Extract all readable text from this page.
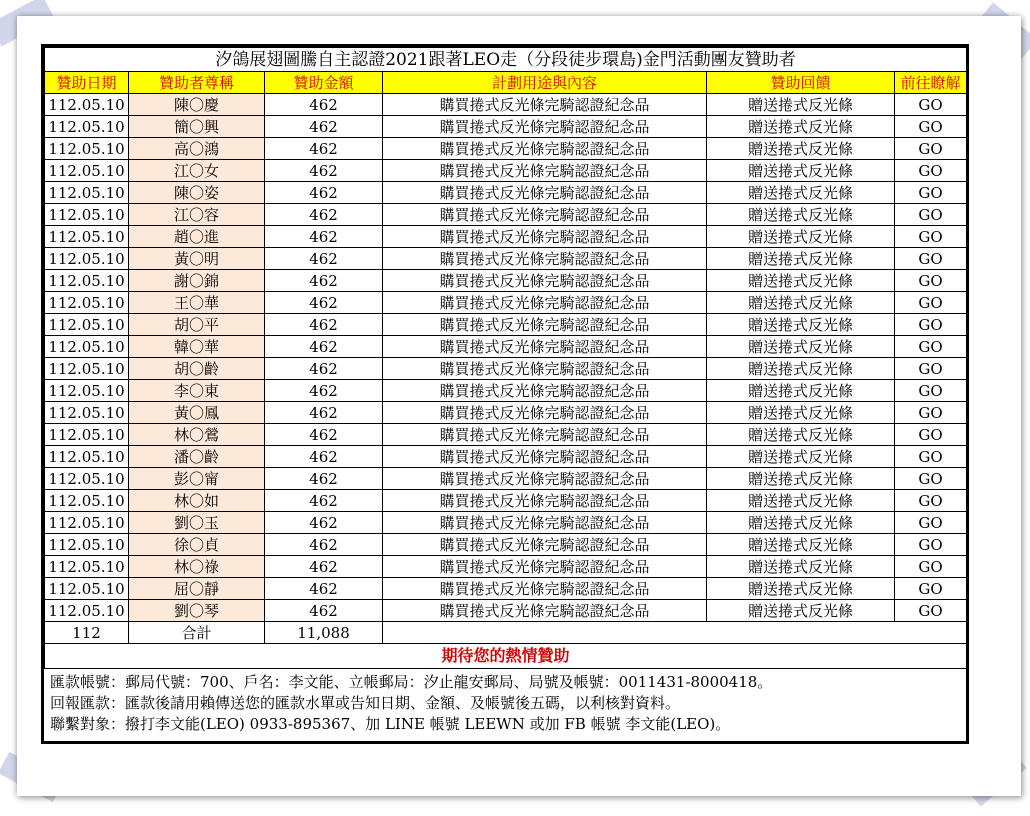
汐鴿展翅圖騰自主認證2021跟著LEO走（分段徒步環島)金門活動團友贊助者					
贊助日期	贊助者尊稱	贊助金額	計劃用途與內容	贊助回饋	前往瞭解
112.05.10	陳〇慶	462	購買捲式反光條完騎認證紀念品	贈送捲式反光條	GO
112.05.10	簡〇興	462	購買捲式反光條完騎認證紀念品	贈送捲式反光條	GO
112.05.10	高〇鴻	462	購買捲式反光條完騎認證紀念品	贈送捲式反光條	GO
112.05.10	江〇女	462	購買捲式反光條完騎認證紀念品	贈送捲式反光條	GO
112.05.10	陳〇姿	462	購買捲式反光條完騎認證紀念品	贈送捲式反光條	GO
112.05.10	江〇容	462	購買捲式反光條完騎認證紀念品	贈送捲式反光條	GO
112.05.10	趙〇進	462	購買捲式反光條完騎認證紀念品	贈送捲式反光條	GO
112.05.10	黃〇明	462	購買捲式反光條完騎認證紀念品	贈送捲式反光條	GO
112.05.10	謝〇錦	462	購買捲式反光條完騎認證紀念品	贈送捲式反光條	GO
112.05.10	王〇華	462	購買捲式反光條完騎認證紀念品	贈送捲式反光條	GO
112.05.10	胡〇平	462	購買捲式反光條完騎認證紀念品	贈送捲式反光條	GO
112.05.10	韓〇華	462	購買捲式反光條完騎認證紀念品	贈送捲式反光條	GO
112.05.10	胡〇齡	462	購買捲式反光條完騎認證紀念品	贈送捲式反光條	GO
112.05.10	李〇東	462	購買捲式反光條完騎認證紀念品	贈送捲式反光條	GO
112.05.10	黃〇鳳	462	購買捲式反光條完騎認證紀念品	贈送捲式反光條	GO
112.05.10	林〇鶯	462	購買捲式反光條完騎認證紀念品	贈送捲式反光條	GO
112.05.10	潘〇齡	462	購買捲式反光條完騎認證紀念品	贈送捲式反光條	GO
112.05.10	彭〇甯	462	購買捲式反光條完騎認證紀念品	贈送捲式反光條	GO
112.05.10	林〇如	462	購買捲式反光條完騎認證紀念品	贈送捲式反光條	GO
112.05.10	劉〇玉	462	購買捲式反光條完騎認證紀念品	贈送捲式反光條	GO
112.05.10	徐〇貞	462	購買捲式反光條完騎認證紀念品	贈送捲式反光條	GO
112.05.10	林〇祿	462	購買捲式反光條完騎認證紀念品	贈送捲式反光條	GO
112.05.10	屈〇靜	462	購買捲式反光條完騎認證紀念品	贈送捲式反光條	GO
112.05.10	劉〇琴	462	購買捲式反光條完騎認證紀念品	贈送捲式反光條	GO
112	合計	11,088			
期待您的熱情贊助					
匯款帳號：郵局代號：700、戶名：李文能、立帳郵局：汐止龍安郵局、局號及帳號：0011431-8000418。
回報匯款：匯款後請用賴傳送您的匯款水單或告知日期、金額、及帳號後五碼，以利核對資料。
聯繫對象：撥打李文能(LEO) 0933-895367、加 LINE 帳號 LEEWN 或加 FB 帳號 李文能(LEO)。
